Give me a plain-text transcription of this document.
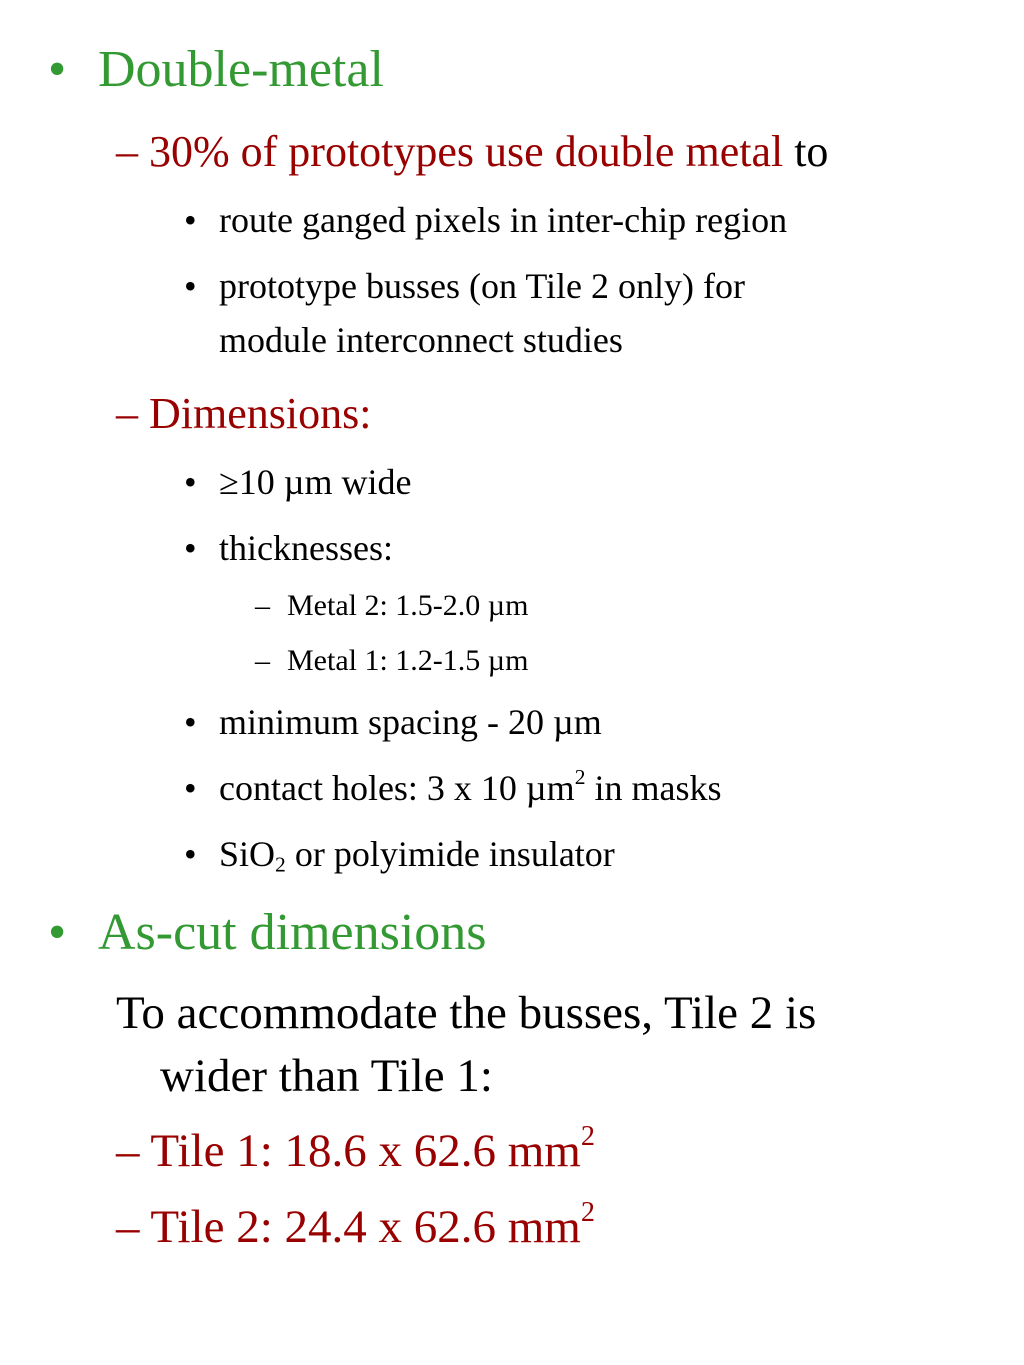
• Double-metal
– 30% of prototypes use double metal to
• route ganged pixels in inter-chip region
• prototype busses (on Tile 2 only) for
module interconnect studies
– Dimensions:
• ≥10 µm wide
• thicknesses:
– Metal 2: 1.5-2.0 µm
– Metal 1: 1.2-1.5 µm
• minimum spacing - 20 µm
• contact holes: 3 x 10 µm$^2$ in masks
• SiO$_2$ or polyimide insulator
• As-cut dimensions
To accommodate the busses, Tile 2 is
wider than Tile 1:
– Tile 1: 18.6 x 62.6 $mm^2$
– Tile 2: 24.4 x 62.6 $mm^2$
